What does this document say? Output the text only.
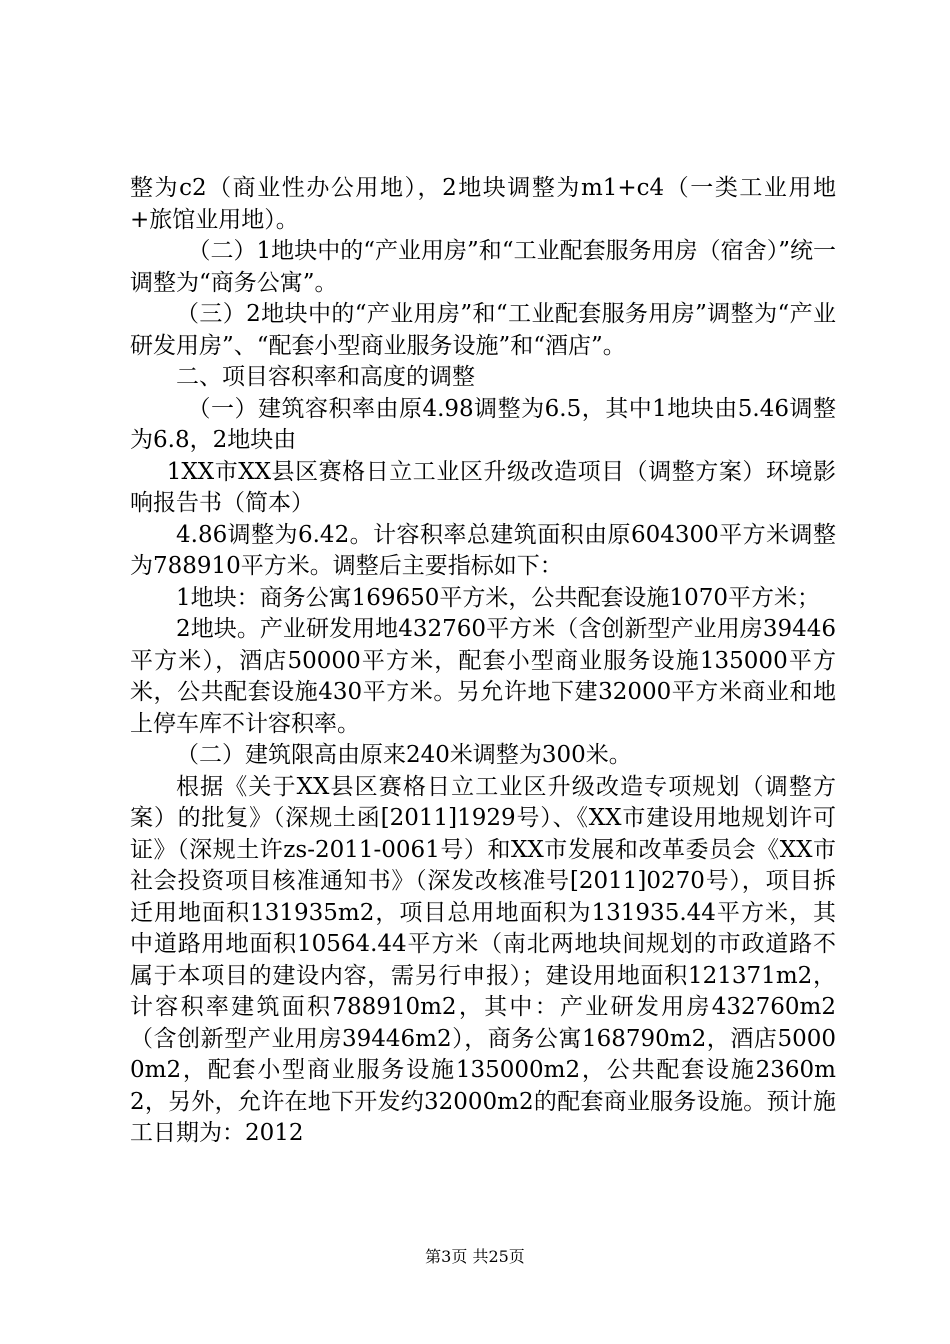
整为c2（商业性办公用地），2地块调整为m1+c4（一类工业用地+旅馆业用地）。

（二）1地块中的“产业用房”和“工业配套服务用房（宿舍）”统一调整为“商务公寓”。

（三）2地块中的“产业用房”和“工业配套服务用房”调整为“产业研发用房”、“配套小型商业服务设施”和“酒店”。

二、项目容积率和高度的调整

（一）建筑容积率由原4.98调整为6.5，其中1地块由5.46调整为6.8，2地块由

1XX市XX县区赛格日立工业区升级改造项目（调整方案）环境影响报告书（简本）

4.86调整为6.42。计容积率总建筑面积由原604300平方米调整为788910平方米。调整后主要指标如下：

1地块：商务公寓169650平方米，公共配套设施1070平方米；

2地块。产业研发用地432760平方米（含创新型产业用房39446平方米），酒店50000平方米，配套小型商业服务设施135000平方米，公共配套设施430平方米。另允许地下建32000平方米商业和地上停车库不计容积率。

（二）建筑限高由原来240米调整为300米。

根据《关于XX县区赛格日立工业区升级改造专项规划（调整方案）的批复》（深规土函[2011]1929号）、《XX市建设用地规划许可证》（深规土许zs-2011-0061号）和XX市发展和改革委员会《XX市社会投资项目核准通知书》（深发改核准号[2011]0270号），项目拆迁用地面积131935m2，项目总用地面积为131935.44平方米，其中道路用地面积10564.44平方米（南北两地块间规划的市政道路不属于本项目的建设内容，需另行申报）；建设用地面积121371m2，计容积率建筑面积788910m2，其中：产业研发用房432760m2（含创新型产业用房39446m2），商务公寓168790m2，酒店50000m2，配套小型商业服务设施135000m2，公共配套设施2360m2，另外，允许在地下开发约32000m2的配套商业服务设施。预计施工日期为：2012

第3页 共25页
